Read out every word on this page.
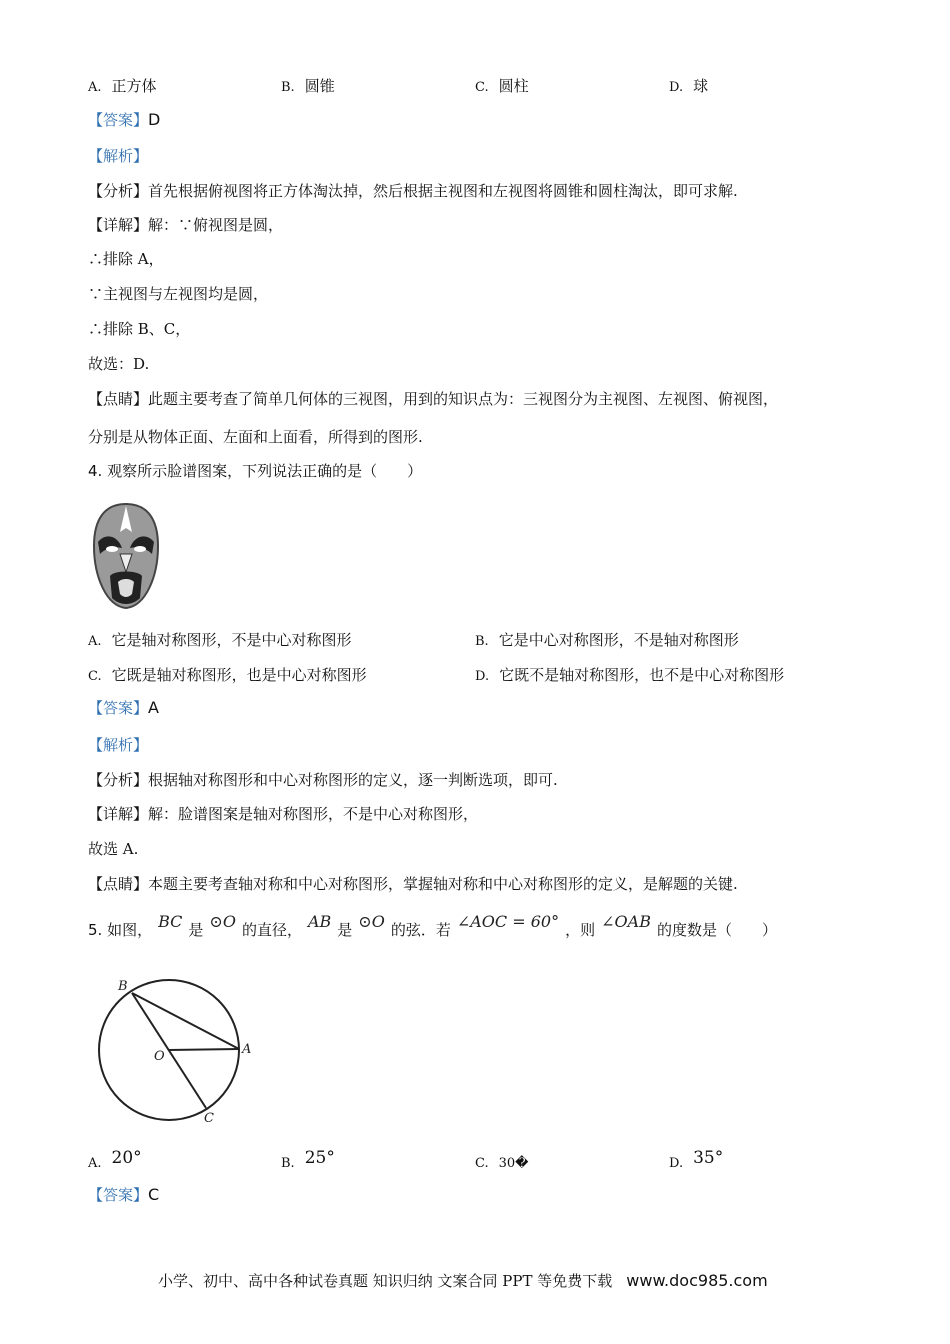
A. 正方体	B. 圆锥	C. 圆柱	D. 球
【答案】D
【解析】
【分析】首先根据俯视图将正方体淘汰掉，然后根据主视图和左视图将圆锥和圆柱淘汰，即可求解.
【详解】解：∵俯视图是圆，
∴排除 A，
∵主视图与左视图均是圆，
∴排除 B、C，
故选：D.
【点睛】此题主要考查了简单几何体的三视图，用到的知识点为：三视图分为主视图、左视图、俯视图，
分别是从物体正面、左面和上面看，所得到的图形.
4. 观察所示脸谱图案，下列说法正确的是（　　）
A. 它是轴对称图形，不是中心对称图形	B. 它是中心对称图形，不是轴对称图形
C. 它既是轴对称图形，也是中心对称图形	D. 它既不是轴对称图形，也不是中心对称图形
【答案】A
【解析】
【分析】根据轴对称图形和中心对称图形的定义，逐一判断选项，即可.
【详解】解：脸谱图案是轴对称图形，不是中心对称图形，
故选 A.
【点睛】本题主要考查轴对称和中心对称图形，掌握轴对称和中心对称图形的定义，是解题的关键.
5. 如图， BC 是 ⊙O 的直径， AB 是 ⊙O 的弦．若 ∠AOC = 60° ，则 ∠OAB 的度数是（　　）
B
O	A
C
A. 20°	B. 25°	C. 30�	D. 35°
【答案】C
小学、初中、高中各种试卷真题 知识归纳 文案合同 PPT 等免费下载 www.doc985.com
